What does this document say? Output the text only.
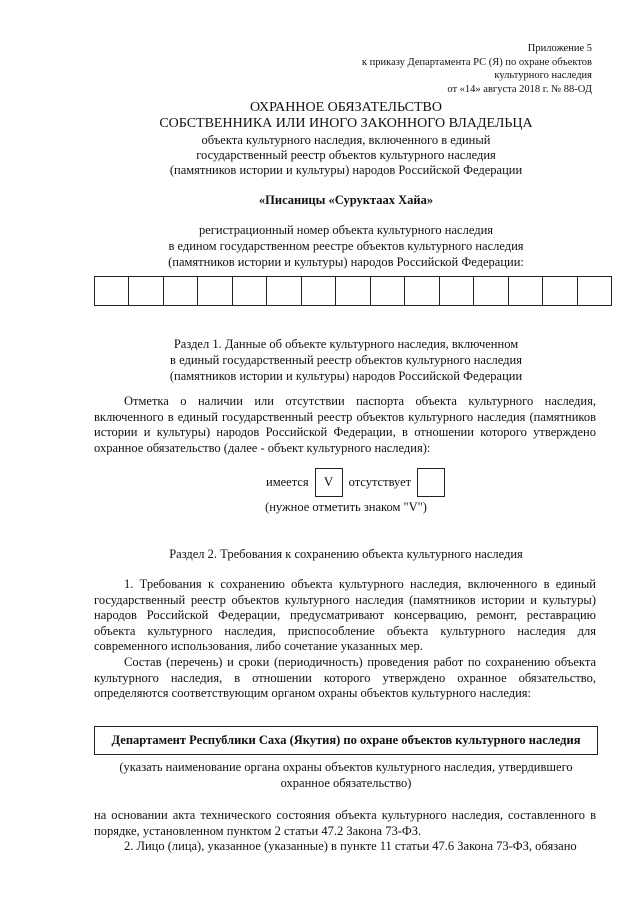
Приложение 5
к приказу Департамента РС (Я) по охране объектов
культурного наследия
от «14» августа 2018 г. № 88-ОД
ОХРАННОЕ ОБЯЗАТЕЛЬСТВО
СОБСТВЕННИКА ИЛИ ИНОГО ЗАКОННОГО ВЛАДЕЛЬЦА
объекта культурного наследия, включенного в единый
государственный реестр объектов культурного наследия
(памятников истории и культуры) народов Российской Федерации
«Писаницы «Суруктаах Хайа»
регистрационный номер объекта культурного наследия
в едином государственном реестре объектов культурного наследия
(памятников истории и культуры) народов Российской Федерации:
Раздел 1. Данные об объекте культурного наследия, включенном
в единый государственный реестр объектов культурного наследия
(памятников истории и культуры) народов Российской Федерации
Отметка о наличии или отсутствии паспорта объекта культурного наследия, включенного в единый государственный реестр объектов культурного наследия (памятников истории и культуры) народов Российской Федерации, в отношении которого утверждено охранное обязательство (далее - объект культурного наследия):
имеется	V	отсутствует
(нужное отметить знаком "V")
Раздел 2. Требования к сохранению объекта культурного наследия
1. Требования к сохранению объекта культурного наследия, включенного в единый государственный реестр объектов культурного наследия (памятников истории и культуры) народов Российской Федерации, предусматривают консервацию, ремонт, реставрацию объекта культурного наследия, приспособление объекта культурного наследия для современного использования, либо сочетание указанных мер.
Состав (перечень) и сроки (периодичность) проведения работ по сохранению объекта культурного наследия, в отношении которого утверждено охранное обязательство, определяются соответствующим органом охраны объектов культурного наследия:
Департамент Республики Саха (Якутия) по охране объектов культурного наследия
(указать наименование органа охраны объектов культурного наследия, утвердившего
охранное обязательство)
на основании акта технического состояния объекта культурного наследия, составленного в порядке, установленном пунктом 2 статьи 47.2 Закона 73-ФЗ.
2. Лицо (лица), указанное (указанные) в пункте 11 статьи 47.6 Закона 73-ФЗ, обязано
